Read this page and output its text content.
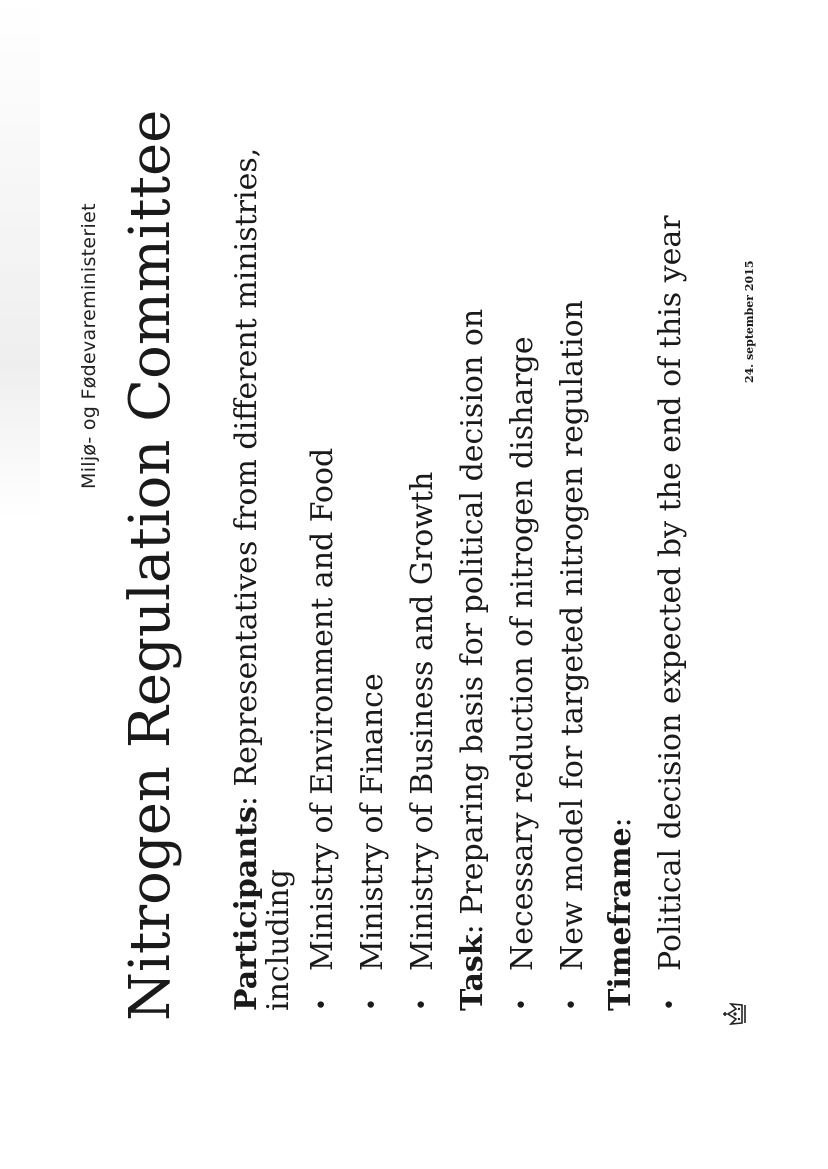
Miljø- og Fødevareministeriet Nitrogen Regulation Committee Participants: Representatives from different ministries,
including •Ministry of Environment and Food
•Ministry of Finance
•Ministry of Business and Growth
Task: Preparing basis for political decision on
•Necessary reduction of nitrogen disharge
•New model for targeted nitrogen regulation Timeframe:
•Political decision expected by the end of this year	24. september 2015
